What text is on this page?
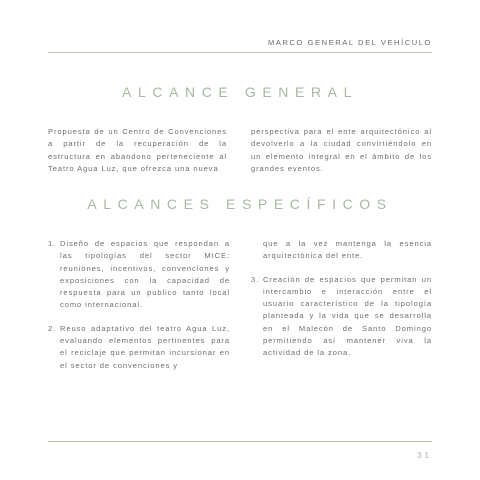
MARCO GENERAL DEL VEHÍCULO
ALCANCE GENERAL

Propuesta de un Centro de Convenciones a partir de la recuperación de la estructura en abandono perteneciente al Teatro Agua Luz, que ofrezca una nueva

perspectiva para el ente arquitectónico al devolverlo a la ciudad convirtiéndolo en un elemento integral en el ámbito de los grandes eventos.

ALCANCES ESPECÍFICOS
1. Diseño de espacios que respondan a las tipologías del sector MICE: reuniones, incentivos, convenciones y exposiciones con la capacidad de respuesta para un publico tanto local como internacional.
2. Reuso adaptativo del teatro Agua Luz, evaluando elementos pertinentes para el reciclaje que permitan incursionar en el sector de convenciones y
que a la vez mantenga la esencia arquitectónica del ente.
3. Creación de espacios que permitan un intercambio e interacción entre el usuario característico de la tipología planteada y la vida que se desarrolla en el Malecón de Santo Domingo permitiendo así mantener viva la actividad de la zona.
31
